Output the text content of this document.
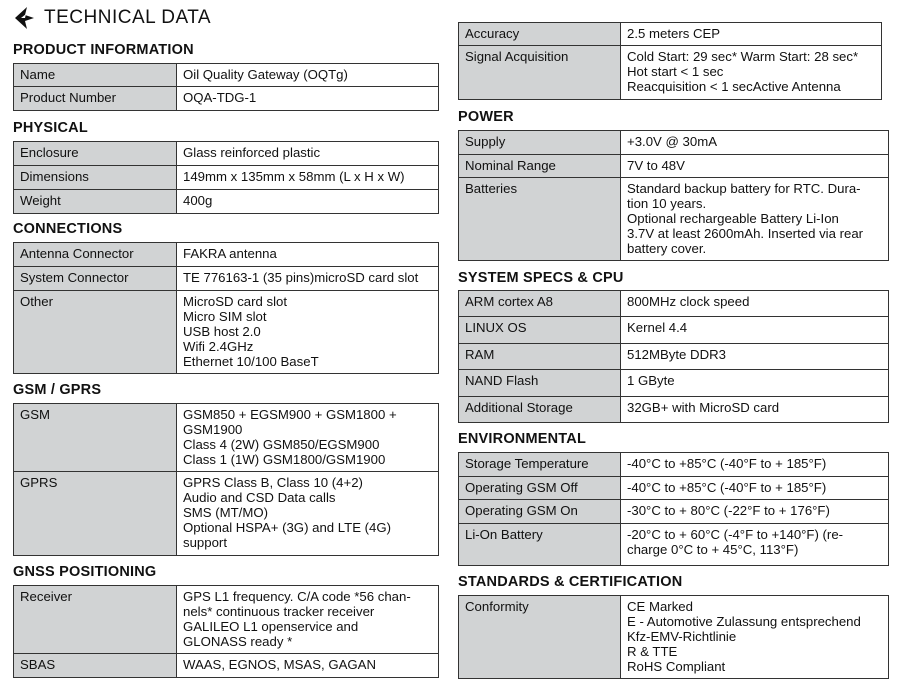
TECHNICAL DATA
PRODUCT INFORMATION
Name	Oil Quality Gateway (OQTg)
Product Number	OQA-TDG-1
PHYSICAL
Enclosure	Glass reinforced plastic
Dimensions	149mm x 135mm x 58mm (L x H x W)
Weight	400g
CONNECTIONS
Antenna Connector	FAKRA antenna
System Connector	TE 776163-1 (35 pins)microSD card slot
Other	MicroSD card slot
Micro SIM slot
USB host 2.0
Wifi 2.4GHz
Ethernet 10/100 BaseT
GSM / GPRS
GSM	GSM850 + EGSM900 + GSM1800 +
GSM1900
Class 4 (2W) GSM850/EGSM900
Class 1 (1W) GSM1800/GSM1900
GPRS	GPRS Class B, Class 10 (4+2)
Audio and CSD Data calls
SMS (MT/MO)
Optional HSPA+ (3G) and LTE (4G)
support
GNSS POSITIONING
Receiver	GPS L1 frequency. C/A code *56 chan-
nels* continuous tracker receiver
GALILEO L1 openservice and
GLONASS ready *
SBAS	WAAS, EGNOS, MSAS, GAGAN
Accuracy	2.5 meters CEP
Signal Acquisition	Cold Start: 29 sec* Warm Start: 28 sec*
Hot start < 1 sec
Reacquisition < 1 secActive Antenna
POWER
Supply	+3.0V @ 30mA
Nominal Range	7V to 48V
Batteries	Standard backup battery for RTC. Dura-
tion 10 years.
Optional rechargeable Battery Li-Ion
3.7V at least 2600mAh. Inserted via rear
battery cover.
SYSTEM SPECS & CPU
ARM cortex A8	800MHz clock speed
LINUX OS	Kernel 4.4
RAM	512MByte DDR3
NAND Flash	1 GByte
Additional Storage	32GB+ with MicroSD card
ENVIRONMENTAL
Storage Temperature	-40°C to +85°C (-40°F to + 185°F)
Operating GSM Off	-40°C to +85°C (-40°F to + 185°F)
Operating GSM On	-30°C to + 80°C (-22°F to + 176°F)
Li-On Battery	-20°C to + 60°C (-4°F to +140°F) (re-
charge 0°C to + 45°C, 113°F)
STANDARDS & CERTIFICATION
Conformity	CE Marked
E - Automotive Zulassung entsprechend
Kfz-EMV-Richtlinie
R & TTE
RoHS Compliant
